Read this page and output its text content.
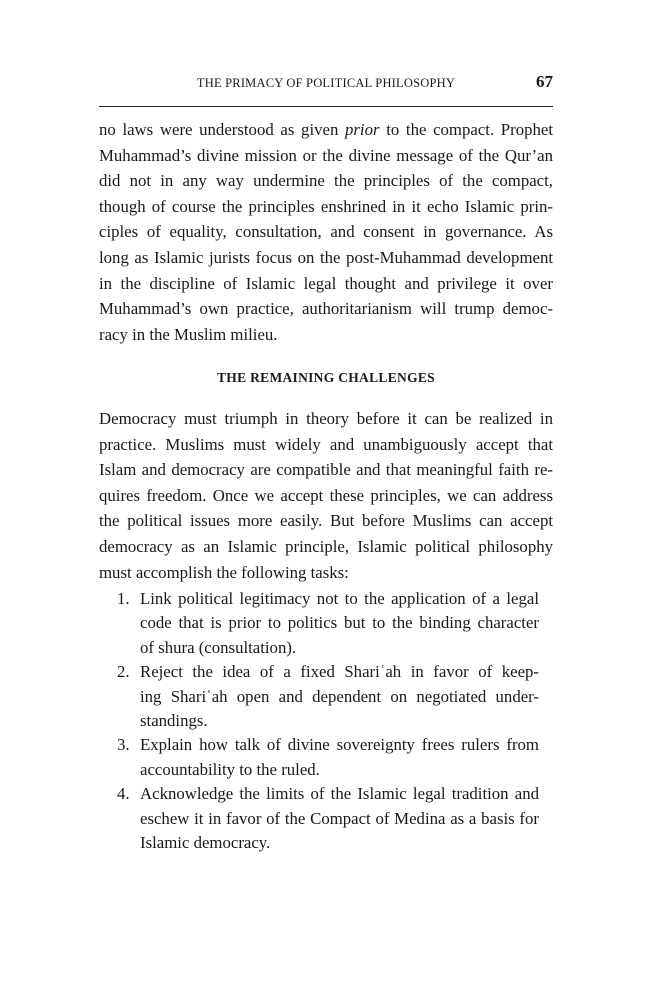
THE PRIMACY OF POLITICAL PHILOSOPHY	67

no laws were understood as given prior to the compact. Prophet
Muhammad’s divine mission or the divine message of the Qur’an
did not in any way undermine the principles of the compact,
though of course the principles enshrined in it echo Islamic prin-
ciples of equality, consultation, and consent in governance. As
long as Islamic jurists focus on the post-Muhammad development
in the discipline of Islamic legal thought and privilege it over
Muhammad’s own practice, authoritarianism will trump democ-
racy in the Muslim milieu.

THE REMAINING CHALLENGES

Democracy must triumph in theory before it can be realized in
practice. Muslims must widely and unambiguously accept that
Islam and democracy are compatible and that meaningful faith re-
quires freedom. Once we accept these principles, we can address
the political issues more easily. But before Muslims can accept
democracy as an Islamic principle, Islamic political philosophy
must accomplish the following tasks:

1. Link political legitimacy not to the application of a legal
code that is prior to politics but to the binding character
of shura (consultation).
2. Reject the idea of a fixed Shariʿah in favor of keep-
ing Shariʿah open and dependent on negotiated under-
standings.
3. Explain how talk of divine sovereignty frees rulers from
accountability to the ruled.
4. Acknowledge the limits of the Islamic legal tradition and
eschew it in favor of the Compact of Medina as a basis for
Islamic democracy.
